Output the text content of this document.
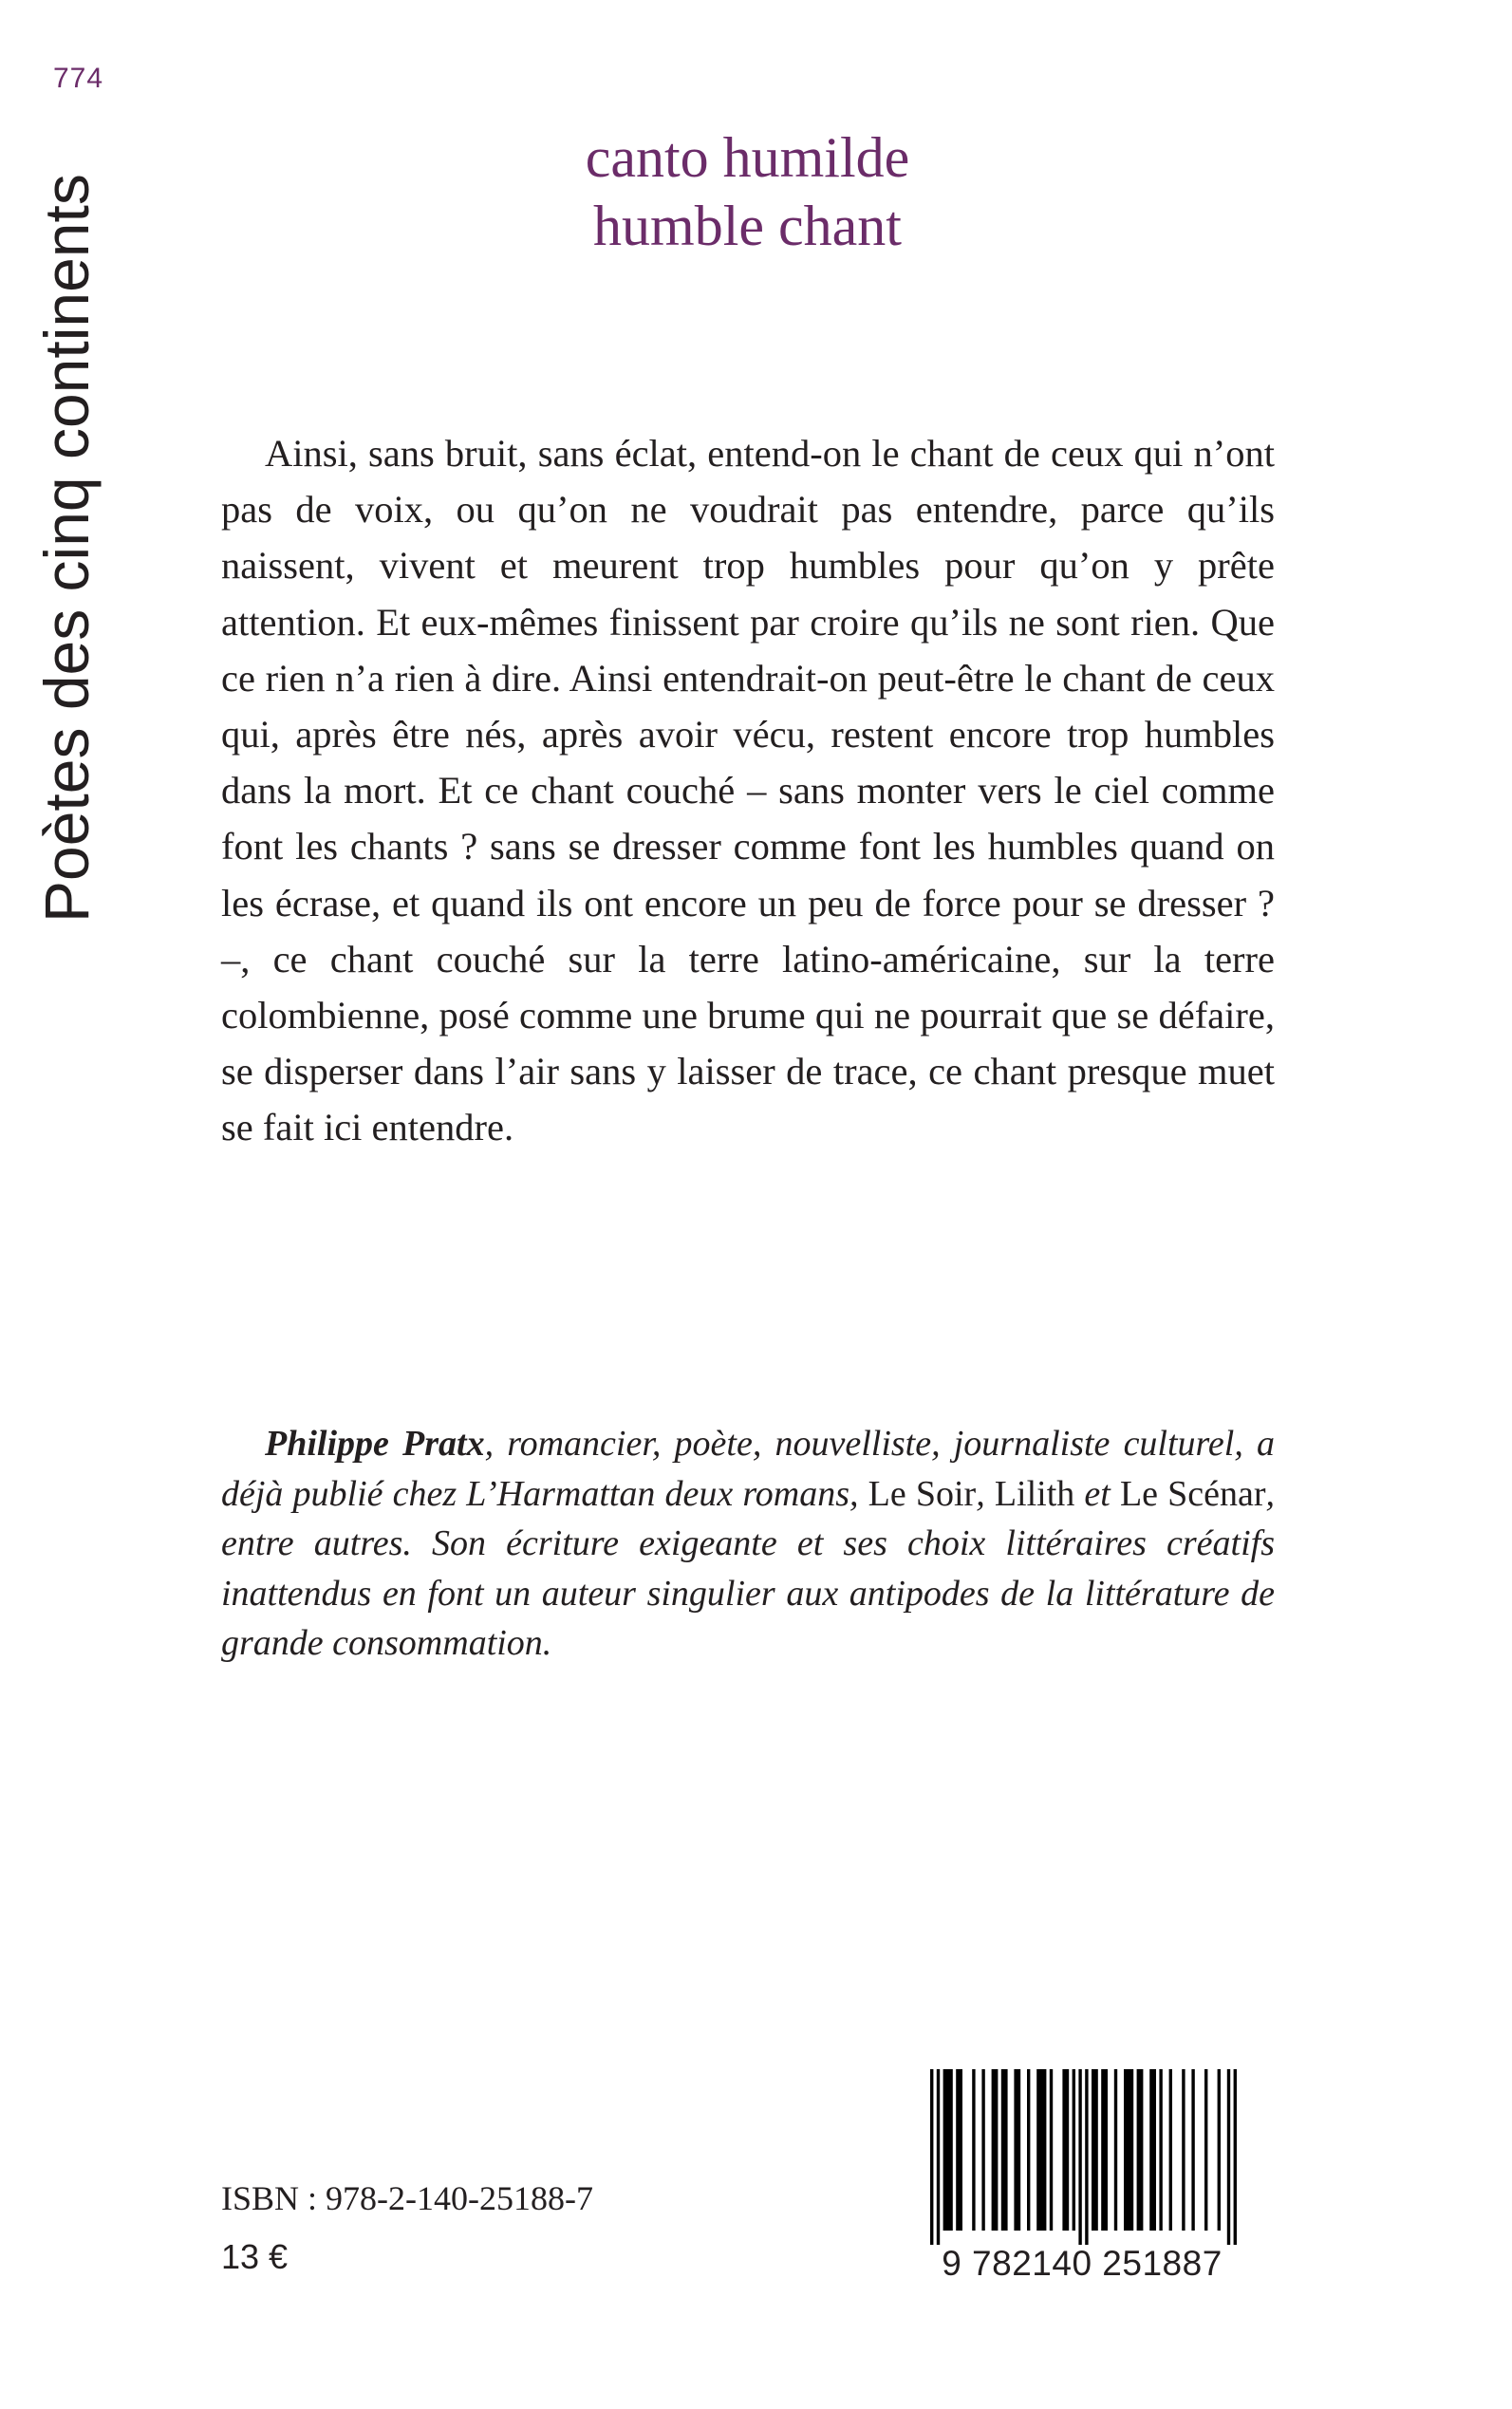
774
Poètes des cinq continents
canto humilde
humble chant

Ainsi, sans bruit, sans éclat, entend-on le chant de ceux qui n’ont pas de voix, ou qu’on ne voudrait pas entendre, parce qu’ils naissent, vivent et meurent trop humbles pour qu’on y prête attention. Et eux-mêmes finissent par croire qu’ils ne sont rien. Que ce rien n’a rien à dire. Ainsi entendrait-on peut-être le chant de ceux qui, après être nés, après avoir vécu, restent encore trop humbles dans la mort. Et ce chant couché – sans monter vers le ciel comme font les chants ? sans se dresser comme font les humbles quand on les écrase, et quand ils ont encore un peu de force pour se dresser ? –, ce chant couché sur la terre latino-américaine, sur la terre colombienne, posé comme une brume qui ne pourrait que se défaire, se disperser dans l’air sans y laisser de trace, ce chant presque muet se fait ici entendre.

Philippe Pratx, romancier, poète, nouvelliste, journaliste culturel, a déjà publié chez L’Harmattan deux romans, Le Soir, Lilith et Le Scénar, entre autres. Son écriture exigeante et ses choix littéraires créatifs inattendus en font un auteur singulier aux antipodes de la littérature de grande consommation.

ISBN : 978-2-140-25188-7
13 €	9 782140 251887
